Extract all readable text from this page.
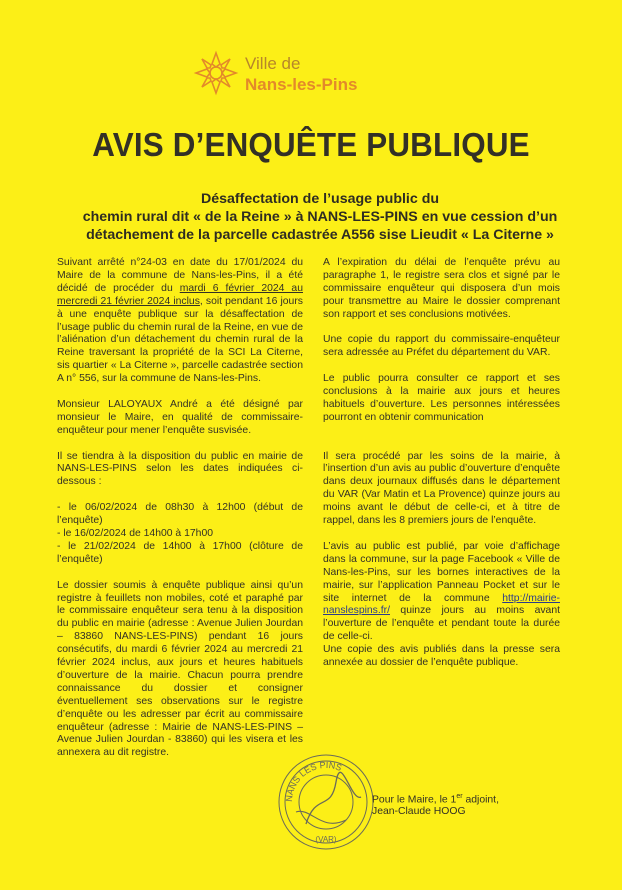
Ville de
Nans-les-Pins
AVIS D’ENQUÊTE PUBLIQUE
Désaffectation de l’usage public du
chemin rural dit « de la Reine » à NANS-LES-PINS en vue cession d’un
détachement de la parcelle cadastrée A556 sise Lieudit « La Citerne »

Suivant arrêté n°24-03 en date du 17/01/2024 du Maire de la commune de Nans-les-Pins, il a été décidé de procéder du mardi 6 février 2024 au mercredi 21 février 2024 inclus, soit pendant 16 jours à une enquête publique sur la désaffectation de l’usage public du chemin rural de la Reine, en vue de l’aliénation d’un détachement du chemin rural de la Reine traversant la propriété de la SCI La Citerne, sis quartier « La Citerne », parcelle cadastrée section A n° 556, sur la commune de Nans-les-Pins.

Monsieur LALOYAUX André a été désigné par monsieur le Maire, en qualité de commissaire-enquêteur pour mener l’enquête susvisée.

Il se tiendra à la disposition du public en mairie de NANS-LES-PINS selon les dates indiquées ci-dessous :

- le 06/02/2024 de 08h30 à 12h00 (début de l’enquête)
- le 16/02/2024 de 14h00 à 17h00
- le 21/02/2024 de 14h00 à 17h00 (clôture de l’enquête)

Le dossier soumis à enquête publique ainsi qu’un registre à feuillets non mobiles, coté et paraphé par le commissaire enquêteur sera tenu à la disposition du public en mairie (adresse : Avenue Julien Jourdan – 83860 NANS-LES-PINS) pendant 16 jours consécutifs, du mardi 6 février 2024 au mercredi 21 février 2024 inclus, aux jours et heures habituels d’ouverture de la mairie. Chacun pourra prendre connaissance du dossier et consigner éventuellement ses observations sur le registre d’enquête ou les adresser par écrit au commissaire enquêteur (adresse : Mairie de NANS-LES-PINS – Avenue Julien Jourdan - 83860) qui les visera et les annexera au dit registre.

A l’expiration du délai de l’enquête prévu au paragraphe 1, le registre sera clos et signé par le commissaire enquêteur qui disposera d’un mois pour transmettre au Maire le dossier comprenant son rapport et ses conclusions motivées.

Une copie du rapport du commissaire-enquêteur sera adressée au Préfet du département du VAR.

Le public pourra consulter ce rapport et ses conclusions à la mairie aux jours et heures habituels d’ouverture. Les personnes intéressées pourront en obtenir communication

Il sera procédé par les soins de la mairie, à l’insertion d’un avis au public d’ouverture d’enquête dans deux journaux diffusés dans le département du VAR (Var Matin et La Provence) quinze jours au moins avant le début de celle-ci, et à titre de rappel, dans les 8 premiers jours de l’enquête.

L’avis au public est publié, par voie d’affichage dans la commune, sur la page Facebook « Ville de Nans-les-Pins, sur les bornes interactives de la mairie, sur l’application Panneau Pocket et sur le site internet de la commune http://mairie-nanslespins.fr/ quinze jours au moins avant l’ouverture de l’enquête et pendant toute la durée de celle-ci.

Une copie des avis publiés dans la presse sera annexée au dossier de l’enquête publique.

NANS LES PINS
(VAR)
Pour le Maire, le 1er adjoint,
Jean-Claude HOOG
